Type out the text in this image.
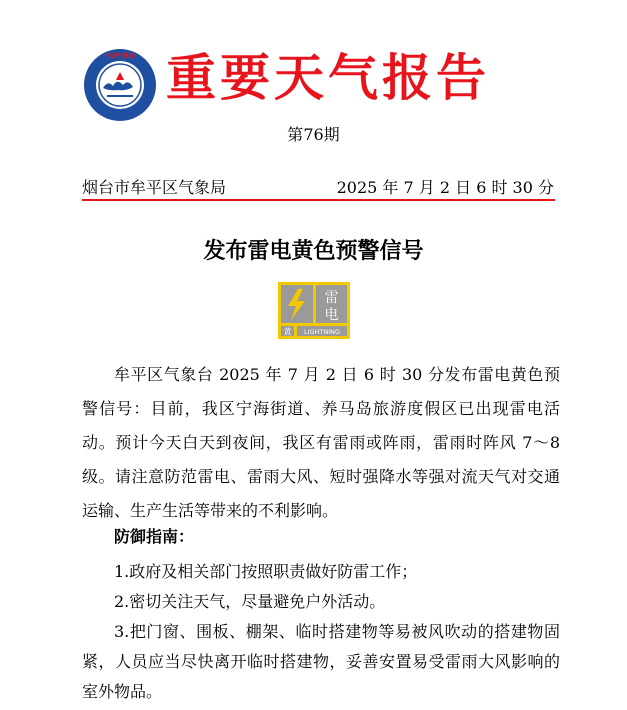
中国气象局 重要天气报告
第76期
烟台市牟平区气象局	2025 年 7 月 2 日 6 时 30 分
发布雷电黄色预警信号
雷
电
黄 LIGHTNING

牟平区气象台 2025 年 7 月 2 日 6 时 30 分发布雷电黄色预警信号：目前，我区宁海街道、养马岛旅游度假区已出现雷电活动。预计今天白天到夜间，我区有雷雨或阵雨，雷雨时阵风 7～8 级。请注意防范雷电、雷雨大风、短时强降水等强对流天气对交通运输、生产生活等带来的不利影响。

防御指南：
1.政府及相关部门按照职责做好防雷工作；
2.密切关注天气，尽量避免户外活动。
3.把门窗、围板、棚架、临时搭建物等易被风吹动的搭建物固紧，人员应当尽快离开临时搭建物，妥善安置易受雷雨大风影响的室外物品。
